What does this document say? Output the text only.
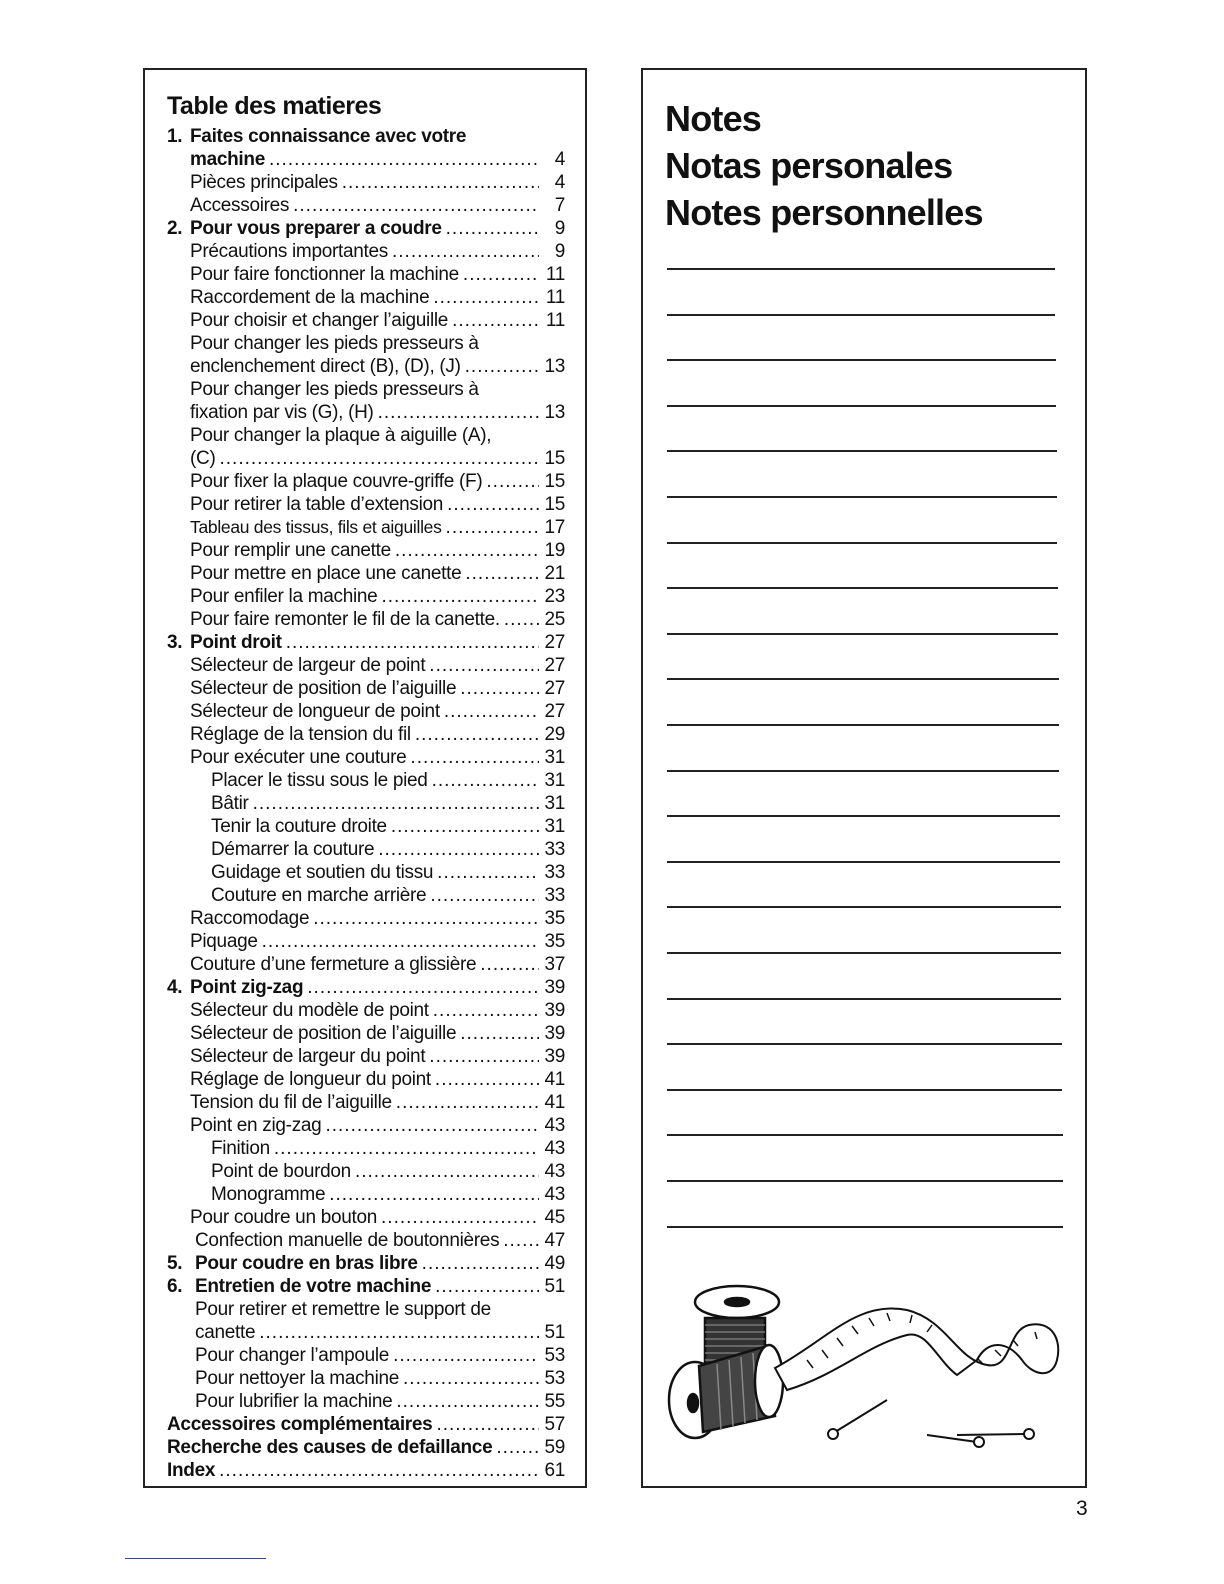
Table des matieres
1. Faites connaissance avec votre
machine .....	4
Pièces principales .....	4
Accessoires .....	7
2. Pour vous preparer a coudre .....	9
Précautions importantes .....	9
Pour faire fonctionner la machine .....	11
Raccordement de la machine .....	11
Pour choisir et changer l’aiguille .....	11
Pour changer les pieds presseurs à
enclenchement direct (B), (D), (J) .....	13
Pour changer les pieds presseurs à
fixation par vis (G), (H) .....	13
Pour changer la plaque à aiguille (A),
(C) .....	15
Pour fixer la plaque couvre-griffe (F) .....	15
Pour retirer la table d’extension .....	15
Tableau des tissus, fils et aiguilles .....	17
Pour remplir une canette .....	19
Pour mettre en place une canette .....	21
Pour enfiler la machine .....	23
Pour faire remonter le fil de la canette. ..... 25
3. Point droit .....	27
Sélecteur de largeur de point .....	27
Sélecteur de position de l’aiguille .....	27
Sélecteur de longueur de point .....	27
Réglage de la tension du fil .....	29
Pour exécuter une couture .....	31
Placer le tissu sous le pied .....	31
Bâtir .....	31
Tenir la couture droite .....	31
Démarrer la couture .....	33
Guidage et soutien du tissu .....	33
Couture en marche arrière .....	33
Raccomodage .....	35
Piquage .....	35
Couture d’une fermeture a glissière .....	37
4. Point zig-zag .....	39
Sélecteur du modèle de point .....	39
Sélecteur de position de l’aiguille .....	39
Sélecteur de largeur du point .....	39
Réglage de longueur du point .....	41
Tension du fil de l’aiguille .....	41
Point en zig-zag .....	43
Finition .....	43
Point de bourdon .....	43
Monogramme .....	43
Pour coudre un bouton .....	45
Confection manuelle de boutonnières ..... 47
5. Pour coudre en bras libre .....	49
6. Entretien de votre machine .....	51
Pour retirer et remettre le support de
canette .....	51
Pour changer l’ampoule .....	53
Pour nettoyer la machine .....	53
Pour lubrifier la machine .....	55
Accessoires complémentaires .....	57
Recherche des causes de defaillance .....	59
Index .....	61
Notes
Notas personales
Notes personnelles
3
